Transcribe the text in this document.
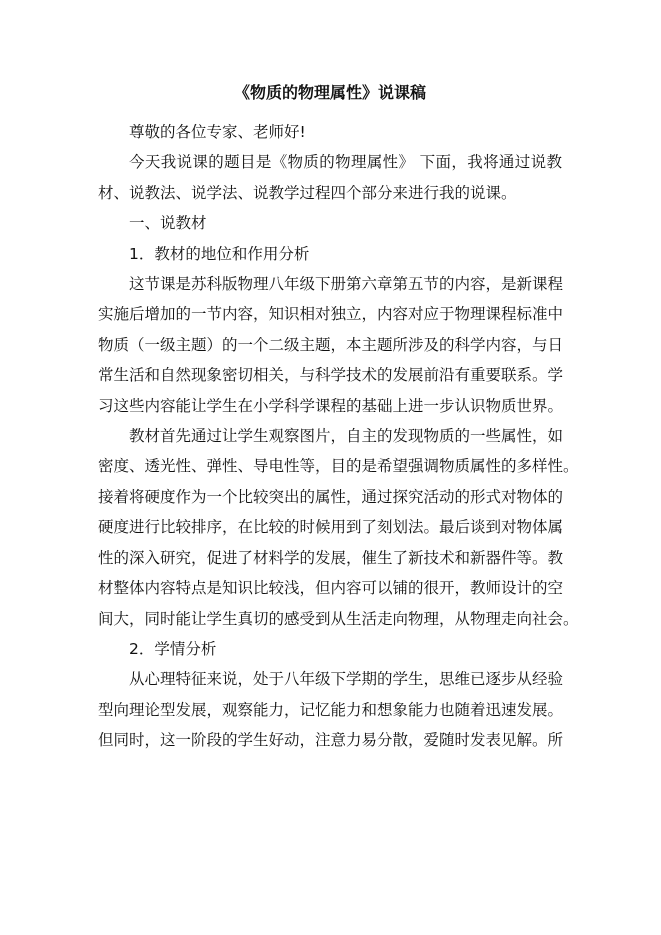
《物质的物理属性》说课稿

尊敬的各位专家、老师好!

今天我说课的题目是《物质的物理属性》 下面，我将通过说教
材、说教法、说学法、说教学过程四个部分来进行我的说课。

一、说教材

1．教材的地位和作用分析

这节课是苏科版物理八年级下册第六章第五节的内容，是新课程
实施后增加的一节内容，知识相对独立，内容对应于物理课程标准中
物质（一级主题）的一个二级主题，本主题所涉及的科学内容，与日
常生活和自然现象密切相关，与科学技术的发展前沿有重要联系。学
习这些内容能让学生在小学科学课程的基础上进一步认识物质世界。
教材首先通过让学生观察图片，自主的发现物质的一些属性，如
密度、透光性、弹性、导电性等，目的是希望强调物质属性的多样性。
接着将硬度作为一个比较突出的属性，通过探究活动的形式对物体的
硬度进行比较排序，在比较的时候用到了刻划法。最后谈到对物体属
性的深入研究，促进了材料学的发展，催生了新技术和新器件等。教
材整体内容特点是知识比较浅，但内容可以铺的很开，教师设计的空
间大，同时能让学生真切的感受到从生活走向物理，从物理走向社会。

2．学情分析

从心理特征来说，处于八年级下学期的学生，思维已逐步从经验
型向理论型发展，观察能力，记忆能力和想象能力也随着迅速发展。
但同时，这一阶段的学生好动，注意力易分散，爱随时发表见解。所
